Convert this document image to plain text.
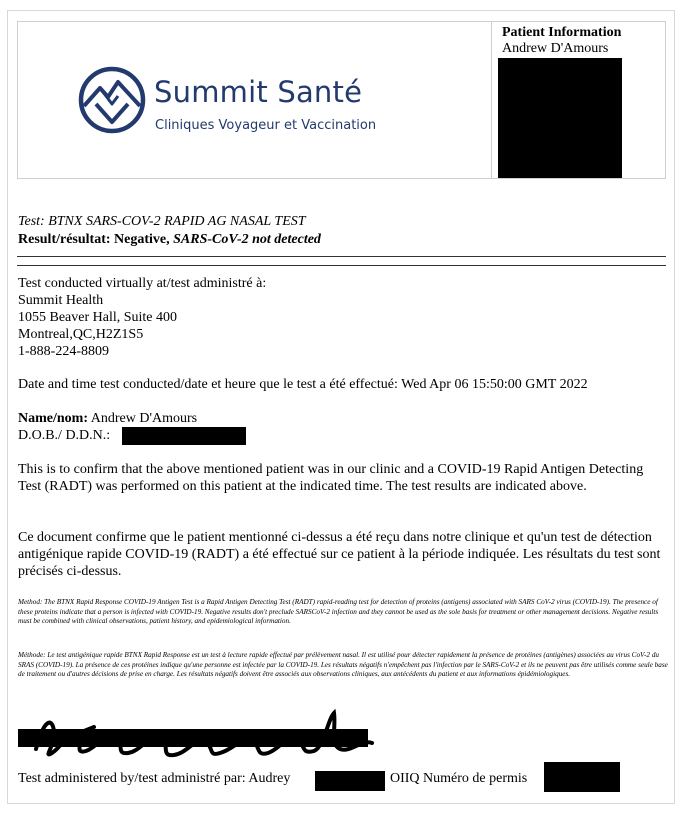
Summit Santé
Cliniques Voyageur et Vaccination
Patient Information
Andrew D'Amours
Test: BTNX SARS-COV-2 RAPID AG NASAL TEST
Result/résultat: Negative, SARS-CoV-2 not detected
Test conducted virtually at/test administré à:
Summit Health
1055 Beaver Hall, Suite 400
Montreal,QC,H2Z1S5
1-888-224-8809
Date and time test conducted/date et heure que le test a été effectué: Wed Apr 06 15:50:00 GMT 2022
Name/nom: Andrew D'Amours
D.O.B./ D.D.N.:
This is to confirm that the above mentioned patient was in our clinic and a COVID-19 Rapid Antigen Detecting Test (RADT) was performed on this patient at the indicated time. The test results are indicated above.
Ce document confirme que le patient mentionné ci-dessus a été reçu dans notre clinique et qu'un test de détection antigénique rapide COVID-19 (RADT) a été effectué sur ce patient à la période indiquée. Les résultats du test sont précisés ci-dessus.
Method: The BTNX Rapid Response COVID-19 Antigen Test is a Rapid Antigen Detecting Test (RADT) rapid-reading test for detection of proteins (antigens) associated with SARS CoV-2 virus (COVID-19). The presence of these proteins indicate that a person is infected with COVID-19. Negative results don't preclude SARSCoV-2 infection and they cannot be used as the sole basis for treatment or other management decisions. Negative results must be combined with clinical observations, patient history, and epidemiological information.
Méthode: Le test antigénique rapide BTNX Rapid Response est un test à lecture rapide effectué par prélèvement nasal. Il est utilisé pour détecter rapidement la présence de protéines (antigènes) associées au virus CoV-2 du SRAS (COVID-19). La présence de ces protéines indique qu'une personne est infectée par la COVID-19. Les résultats négatifs n'empêchent pas l'infection par le SARS-CoV-2 et ils ne peuvent pas être utilisés comme seule base de traitement ou d'autres décisions de prise en charge. Les résultats négatifs doivent être associés aux observations cliniques, aux antécédents du patient et aux informations épidémiologiques.
Test administered by/test administré par: Audrey	OIIQ Numéro de permis
